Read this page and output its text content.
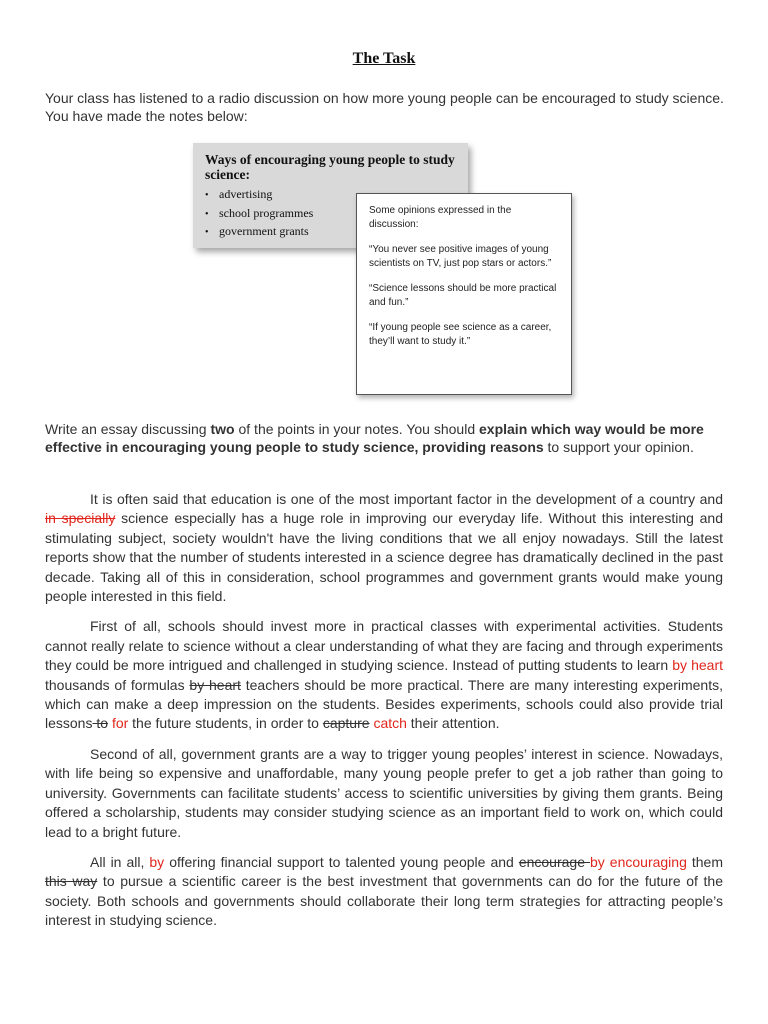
The Task
Your class has listened to a radio discussion on how more young people can be encouraged to study science. You have made the notes below:
Ways of encouraging young people to study science:
• advertising
• school programmes
• government grants

Some opinions expressed in the discussion:

“You never see positive images of young scientists on TV, just pop stars or actors.”

“Science lessons should be more practical and fun.”

“If young people see science as a career, they’ll want to study it.”

Write an essay discussing two of the points in your notes. You should explain which way would be more effective in encouraging young people to study science, providing reasons to support your opinion.

It is often said that education is one of the most important factor in the development of a country and in specially science especially has a huge role in improving our everyday life. Without this interesting and stimulating subject, society wouldn't have the living conditions that we all enjoy nowadays. Still the latest reports show that the number of students interested in a science degree has dramatically declined in the past decade. Taking all of this in consideration, school programmes and government grants would make young people interested in this field.

First of all, schools should invest more in practical classes with experimental activities. Students cannot really relate to science without a clear understanding of what they are facing and through experiments they could be more intrigued and challenged in studying science. Instead of putting students to learn by heart thousands of formulas by heart teachers should be more practical. There are many interesting experiments, which can make a deep impression on the students. Besides experiments, schools could also provide trial lessons to for the future students, in order to capture catch their attention.

Second of all, government grants are a way to trigger young peoples’ interest in science. Nowadays, with life being so expensive and unaffordable, many young people prefer to get a job rather than going to university. Governments can facilitate students’ access to scientific universities by giving them grants. Being offered a scholarship, students may consider studying science as an important field to work on, which could lead to a bright future.

All in all, by offering financial support to talented young people and encourage by encouraging them this way to pursue a scientific career is the best investment that governments can do for the future of the society. Both schools and governments should collaborate their long term strategies for attracting people’s interest in studying science.
